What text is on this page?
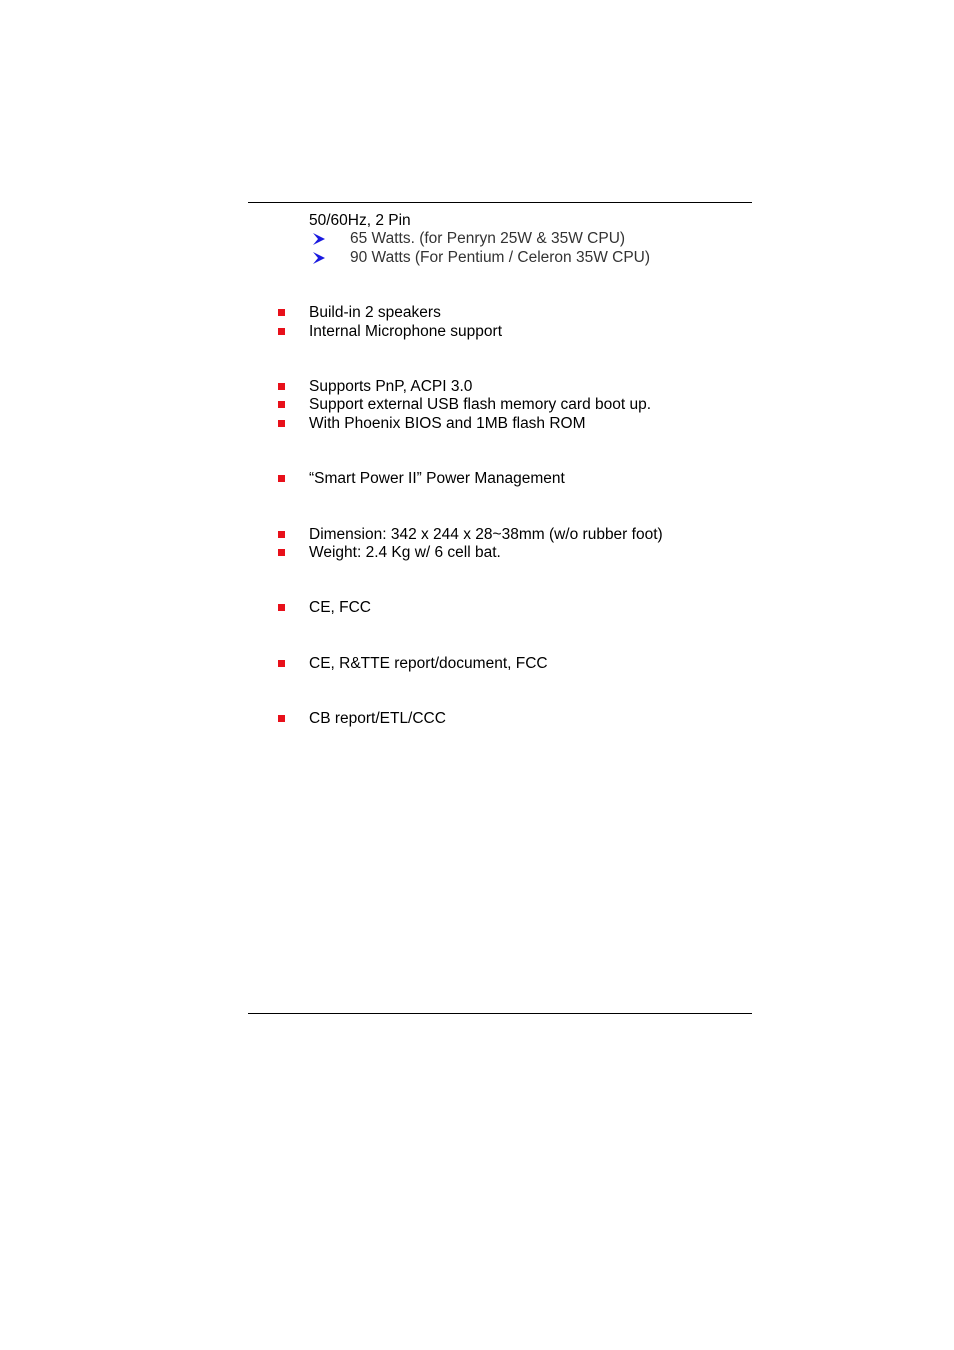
50/60Hz, 2 Pin
65 Watts. (for Penryn 25W & 35W CPU)
90 Watts (For Pentium / Celeron 35W CPU)
Build-in 2 speakers
Internal Microphone support
Supports PnP, ACPI 3.0
Support external USB flash memory card boot up.
With Phoenix BIOS and 1MB flash ROM
“Smart Power II” Power Management
Dimension: 342 x 244 x 28~38mm (w/o rubber foot)
Weight: 2.4 Kg w/ 6 cell bat.
CE, FCC
CE, R&TTE report/document, FCC
CB report/ETL/CCC
